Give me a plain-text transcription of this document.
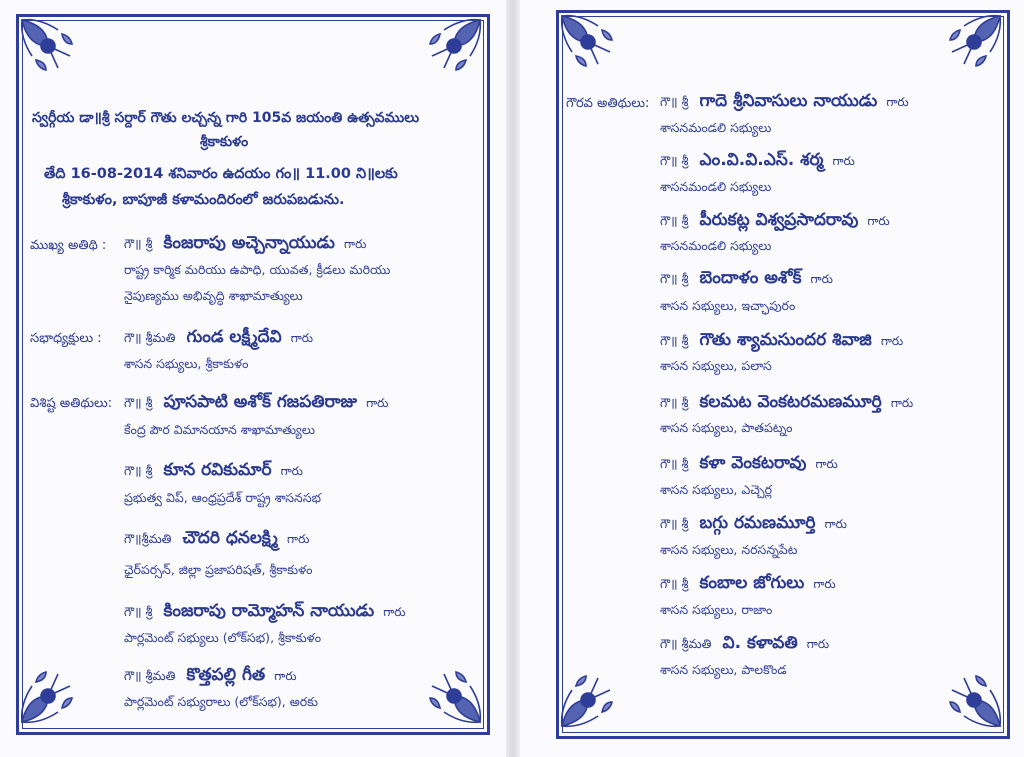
స్వర్గీయ డా॥శ్రీ సర్దార్ గౌతు లచ్చన్న గారి 105వ జయంతి ఉత్సవములు
శ్రీకాకుళం
తేది 16-08-2014 శనివారం ఉదయం గం॥ 11.00 ని॥లకు
శ్రీకాకుళం, బాపూజీ కళామందిరంలో జరుపబడును.
ముఖ్య అతిథి :
సభాధ్యక్షులు :
విశిష్ట అతిథులు:
గౌ॥ శ్రీ కింజరాపు అచ్చెన్నాయుడు గారు
రాష్ట్ర కార్మిక మరియు ఉపాధి, యువత, క్రీడలు మరియు
నైపుణ్యము అభివృద్ధి శాఖామాత్యులు
గౌ॥ శ్రీమతి గుండ లక్ష్మీదేవి గారు
శాసన సభ్యులు, శ్రీకాకుళం
గౌ॥ శ్రీ పూసపాటి అశోక్ గజపతిరాజు గారు
కేంద్ర పౌర విమానయాన శాఖామాత్యులు
గౌ॥ శ్రీ కూన రవికుమార్ గారు
ప్రభుత్వ విప్, ఆంధ్రప్రదేశ్ రాష్ట్ర శాసనసభ
గౌ॥శ్రీమతి చౌదరి ధనలక్ష్మి గారు
ఛైర్‌పర్సన్, జిల్లా ప్రజాపరిషత్, శ్రీకాకుళం
గౌ॥ శ్రీ కింజరాపు రామ్మోహన్ నాయుడు గారు
పార్లమెంట్ సభ్యులు (లోక్‌సభ), శ్రీకాకుళం
గౌ॥ శ్రీమతి కొత్తపల్లి గీత గారు
పార్లమెంట్ సభ్యురాలు (లోక్‌సభ), అరకు
గౌరవ అతిథులు: గౌ॥ శ్రీ గాదె శ్రీనివాసులు నాయుడు గారు
శాసనమండలి సభ్యులు
గౌ॥ శ్రీ ఎం.వి.వి.ఎస్. శర్మ గారు
శాసనమండలి సభ్యులు
గౌ॥ శ్రీ పీరుకట్ల విశ్వప్రసాదరావు గారు
శాసనమండలి సభ్యులు
గౌ॥ శ్రీ బెందాళం అశోక్ గారు
శాసన సభ్యులు, ఇచ్ఛాపురం
గౌ॥ శ్రీ గౌతు శ్యామసుందర శివాజి గారు
శాసన సభ్యులు, పలాస
గౌ॥ శ్రీ కలమట వెంకటరమణమూర్తి గారు
శాసన సభ్యులు, పాతపట్నం
గౌ॥ శ్రీ కళా వెంకటరావు గారు
శాసన సభ్యులు, ఎచ్చెర్ల
గౌ॥ శ్రీ బగ్గు రమణమూర్తి గారు
శాసన సభ్యులు, నరసన్నపేట
గౌ॥ శ్రీ కంబాల జోగులు గారు
శాసన సభ్యులు, రాజాం
గౌ॥ శ్రీమతి వి. కళావతి గారు
శాసన సభ్యులు, పాలకొండ
